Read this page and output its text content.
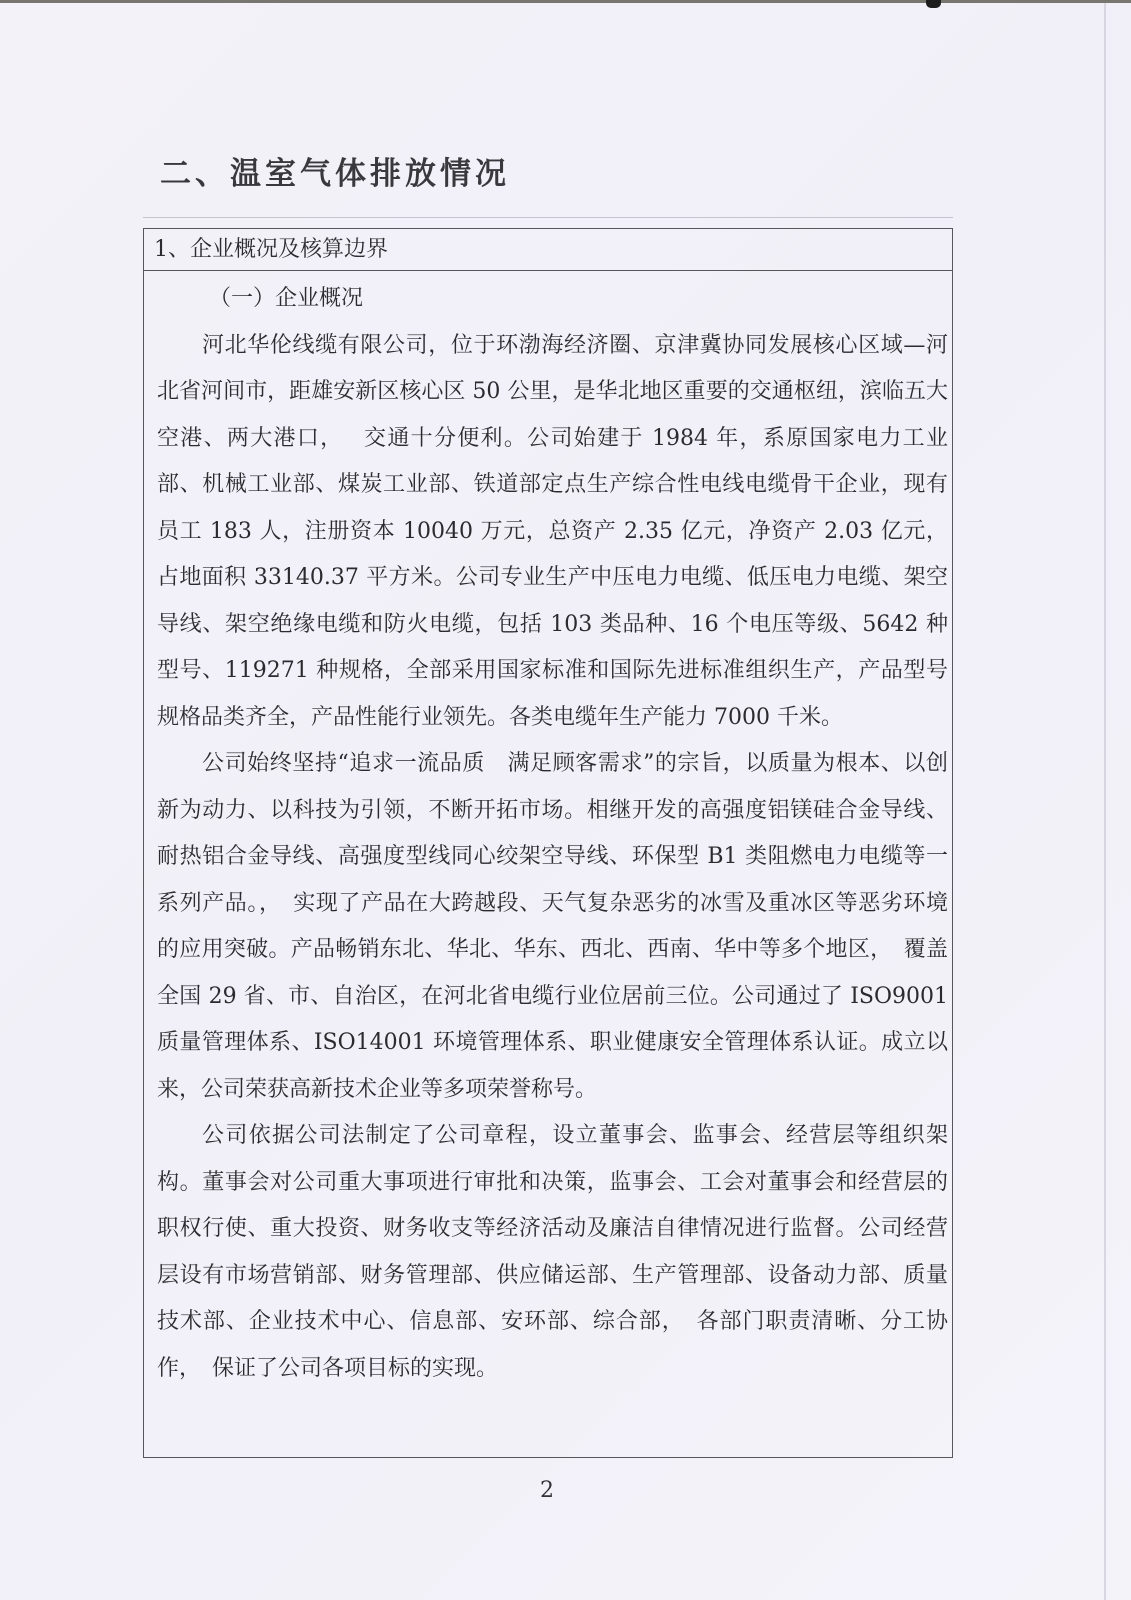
二、温室气体排放情况
1、企业概况及核算边界

（一）企业概况

河北华伦线缆有限公司，位于环渤海经济圈、京津冀协同发展核心区域—河北省河间市，距雄安新区核心区 50 公里，是华北地区重要的交通枢纽，滨临五大空港、两大港口，　 交通十分便利。公司始建于 1984 年，系原国家电力工业部、机械工业部、煤炭工业部、铁道部定点生产综合性电线电缆骨干企业，现有员工 183 人，注册资本 10040 万元，总资产 2.35 亿元，净资产 2.03 亿元，占地面积 33140.37 平方米。公司专业生产中压电力电缆、低压电力电缆、架空导线、架空绝缘电缆和防火电缆，包括 103 类品种、16 个电压等级、5642 种型号、119271 种规格，全部采用国家标准和国际先进标准组织生产，产品型号规格品类齐全，产品性能行业领先。各类电缆年生产能力 7000 千米。

公司始终坚持“追求一流品质　满足顾客需求”的宗旨，以质量为根本、以创新为动力、以科技为引领，不断开拓市场。相继开发的高强度铝镁硅合金导线、耐热铝合金导线、高强度型线同心绞架空导线、环保型 B1 类阻燃电力电缆等一系列产品。，　实现了产品在大跨越段、天气复杂恶劣的冰雪及重冰区等恶劣环境的应用突破。产品畅销东北、华北、华东、西北、西南、华中等多个地区，　覆盖全国 29 省、市、自治区，在河北省电缆行业位居前三位。公司通过了 ISO9001 质量管理体系、ISO14001 环境管理体系、职业健康安全管理体系认证。成立以来，公司荣获高新技术企业等多项荣誉称号。

公司依据公司法制定了公司章程，设立董事会、监事会、经营层等组织架构。董事会对公司重大事项进行审批和决策，监事会、工会对董事会和经营层的职权行使、重大投资、财务收支等经济活动及廉洁自律情况进行监督。公司经营层设有市场营销部、财务管理部、供应储运部、生产管理部、设备动力部、质量技术部、企业技术中心、信息部、安环部、综合部，　各部门职责清晰、分工协作，　保证了公司各项目标的实现。

2
